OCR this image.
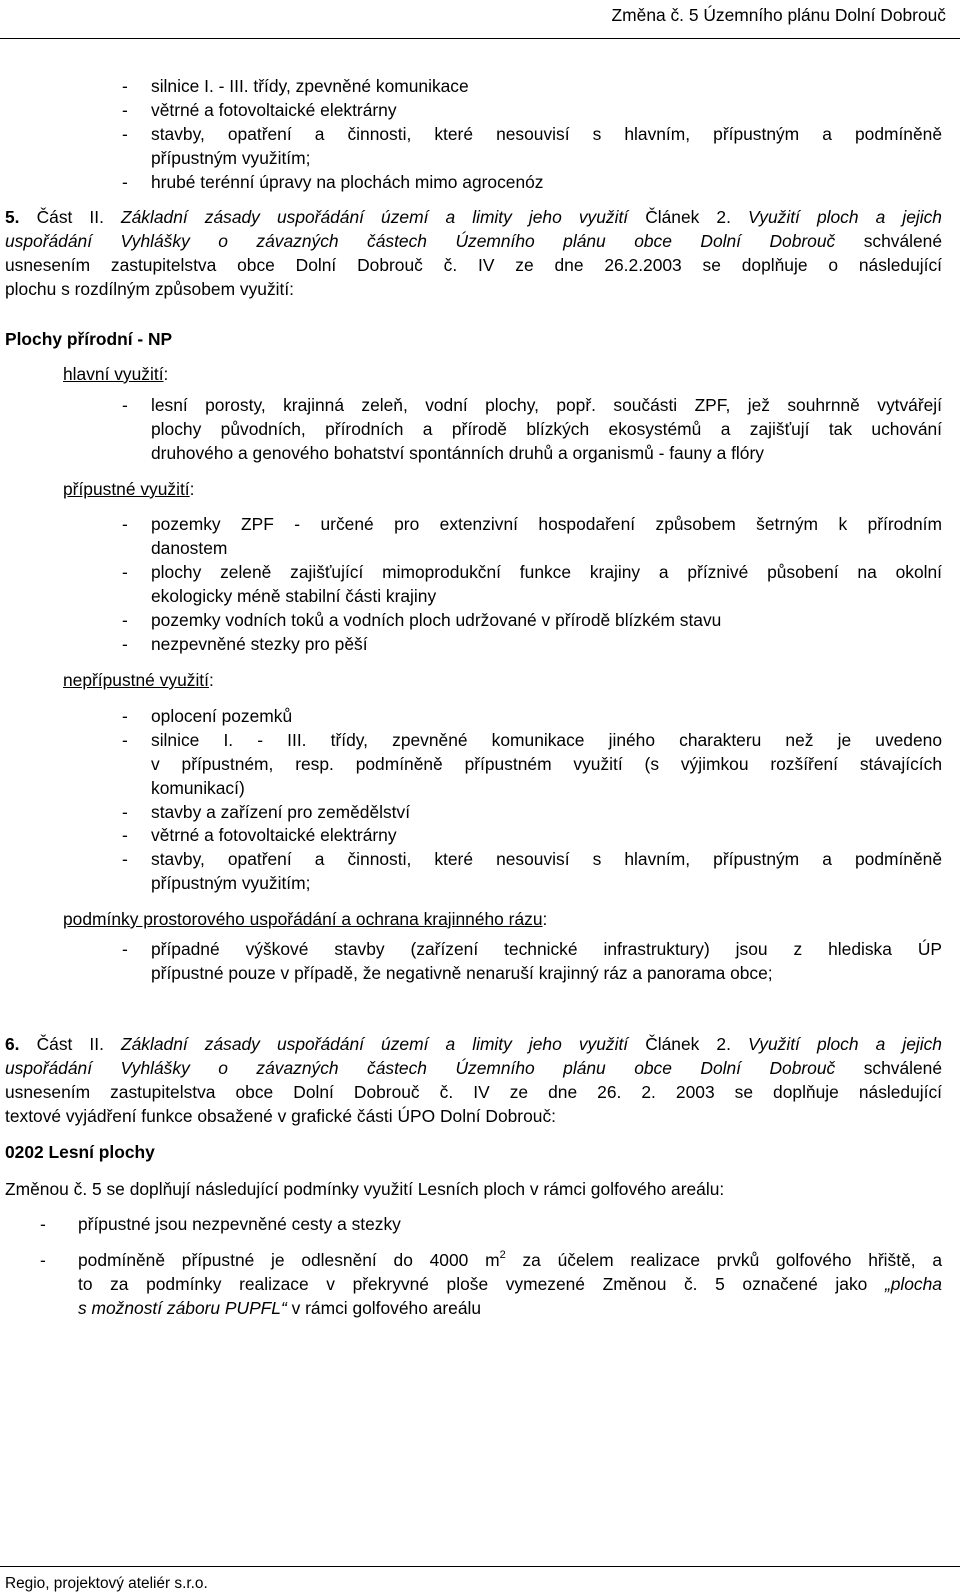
Změna č. 5 Územního plánu Dolní Dobrouč
- silnice I. - III. třídy, zpevněné komunikace

- větrné a fotovoltaické elektrárny

- stavby, opatření a činnosti, které nesouvisí s hlavním, přípustným a podmíněně

přípustným využitím;

- hrubé terénní úpravy na plochách mimo agrocenóz

5. Část II. Základní zásady uspořádání území a limity jeho využití Článek 2. Využití ploch a jejich

uspořádání Vyhlášky o závazných částech Územního plánu obce Dolní Dobrouč schválené

usnesením zastupitelstva obce Dolní Dobrouč č. IV ze dne 26.2.2003 se doplňuje o následující

plochu s rozdílným způsobem využití:

Plochy přírodní - NP

hlavní využití:

- lesní porosty, krajinná zeleň, vodní plochy, popř. součásti ZPF, jež souhrnně vytvářejí

plochy původních, přírodních a přírodě blízkých ekosystémů a zajišťují tak uchování

druhového a genového bohatství spontánních druhů a organismů - fauny a flóry

přípustné využití:

- pozemky ZPF - určené pro extenzivní hospodaření způsobem šetrným k přírodním

danostem

- plochy zeleně zajišťující mimoprodukční funkce krajiny a příznivé působení na okolní

ekologicky méně stabilní části krajiny

- pozemky vodních toků a vodních ploch udržované v přírodě blízkém stavu

- nezpevněné stezky pro pěší

nepřípustné využití:

- oplocení pozemků

- silnice I. - III. třídy, zpevněné komunikace jiného charakteru než je uvedeno

v přípustném, resp. podmíněně přípustném využití (s výjimkou rozšíření stávajících

komunikací)

- stavby a zařízení pro zemědělství

- větrné a fotovoltaické elektrárny

- stavby, opatření a činnosti, které nesouvisí s hlavním, přípustným a podmíněně

přípustným využitím;

podmínky prostorového uspořádání a ochrana krajinného rázu:

- případné výškové stavby (zařízení technické infrastruktury) jsou z hlediska ÚP

přípustné pouze v případě, že negativně nenaruší krajinný ráz a panorama obce;

6. Část II. Základní zásady uspořádání území a limity jeho využití Článek 2. Využití ploch a jejich

uspořádání Vyhlášky o závazných částech Územního plánu obce Dolní Dobrouč schválené

usnesením zastupitelstva obce Dolní Dobrouč č. IV ze dne 26. 2. 2003 se doplňuje následující

textové vyjádření funkce obsažené v grafické části ÚPO Dolní Dobrouč:

0202 Lesní plochy

Změnou č. 5 se doplňují následující podmínky využití Lesních ploch v rámci golfového areálu:

- přípustné jsou nezpevněné cesty a stezky

- podmíněně přípustné je odlesnění do 4000 $m^2$ za účelem realizace prvků golfového hřiště, a

to za podmínky realizace v překryvné ploše vymezené Změnou č. 5 označené jako „plocha

s možností záboru PUPFL“ v rámci golfového areálu

Regio, projektový ateliér s.r.o.
